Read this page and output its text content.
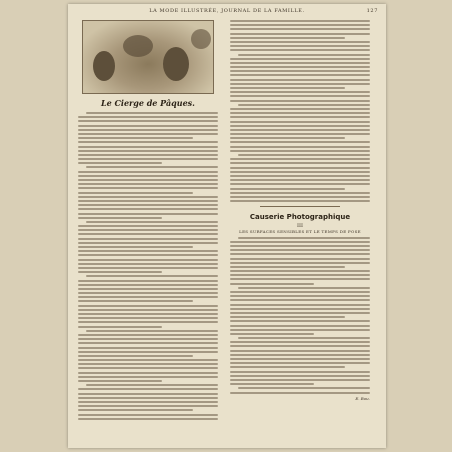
LA MODE ILLUSTRÉE, JOURNAL DE LA FAMILLE.	127
Le Cierge de Pâques.
Causerie Photographique
III
LES SURFACES SENSIBLES ET LE TEMPS DE POSE
E. Bou.
